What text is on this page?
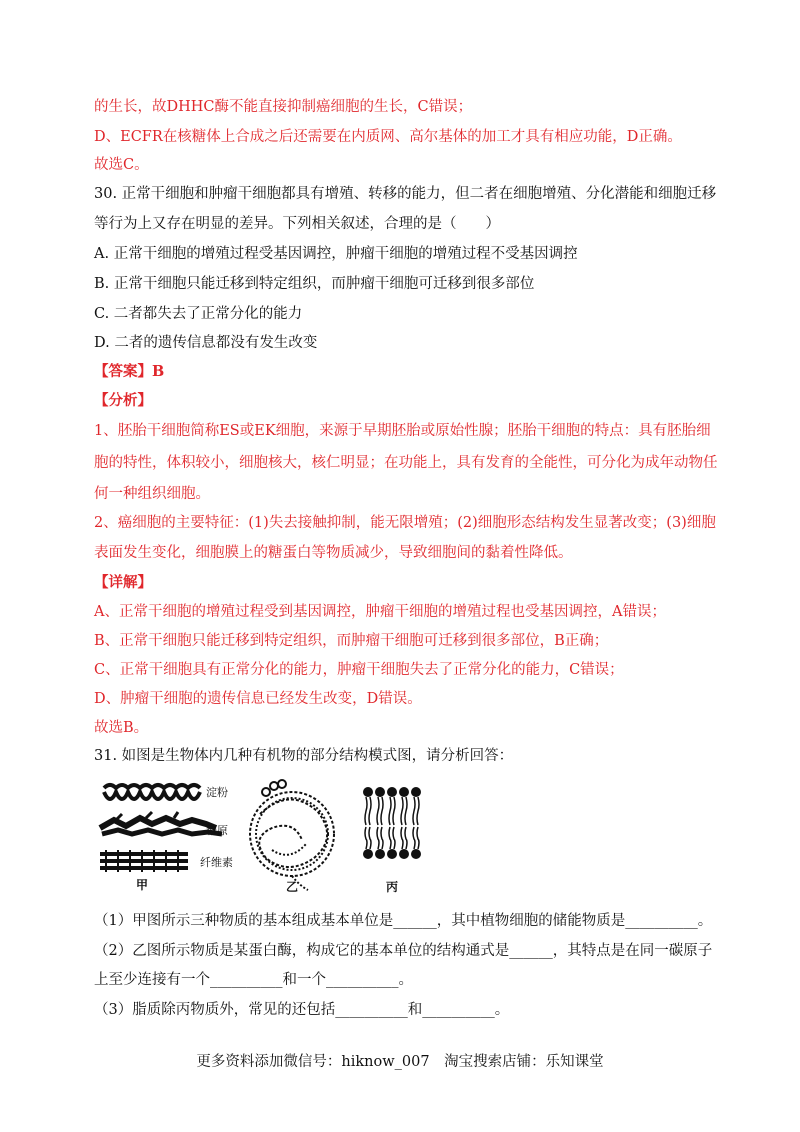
的生长，故DHHC酶不能直接抑制癌细胞的生长，C错误；
D、ECFR在核糖体上合成之后还需要在内质网、高尔基体的加工才具有相应功能，D正确。
故选C。
30. 正常干细胞和肿瘤干细胞都具有增殖、转移的能力，但二者在细胞增殖、分化潜能和细胞迁移
等行为上又存在明显的差异。下列相关叙述，合理的是（　　）
A. 正常干细胞的增殖过程受基因调控，肿瘤干细胞的增殖过程不受基因调控
B. 正常干细胞只能迁移到特定组织，而肿瘤干细胞可迁移到很多部位
C. 二者都失去了正常分化的能力
D. 二者的遗传信息都没有发生改变
【答案】B
【分析】
1、胚胎干细胞简称ES或EK细胞，来源于早期胚胎或原始性腺；胚胎干细胞的特点：具有胚胎细
胞的特性，体积较小，细胞核大，核仁明显；在功能上，具有发育的全能性，可分化为成年动物任
何一种组织细胞。
2、癌细胞的主要特征：(1)失去接触抑制，能无限增殖；(2)细胞形态结构发生显著改变；(3)细胞
表面发生变化，细胞膜上的糖蛋白等物质减少，导致细胞间的黏着性降低。
【详解】
A、正常干细胞的增殖过程受到基因调控，肿瘤干细胞的增殖过程也受基因调控，A错误；
B、正常干细胞只能迁移到特定组织，而肿瘤干细胞可迁移到很多部位，B正确；
C、正常干细胞具有正常分化的能力，肿瘤干细胞失去了正常分化的能力，C错误；
D、肿瘤干细胞的遗传信息已经发生改变，D错误。
故选B。
31. 如图是生物体内几种有机物的部分结构模式图，请分析回答：
淀粉
糖原
纤维素
甲	乙	丙
（1）甲图所示三种物质的基本组成基本单位是______，其中植物细胞的储能物质是__________。
（2）乙图所示物质是某蛋白酶，构成它的基本单位的结构通式是______，其特点是在同一碳原子
上至少连接有一个__________和一个__________。
（3）脂质除丙物质外，常见的还包括__________和__________。
更多资料添加微信号：hiknow_007　淘宝搜索店铺：乐知课堂
